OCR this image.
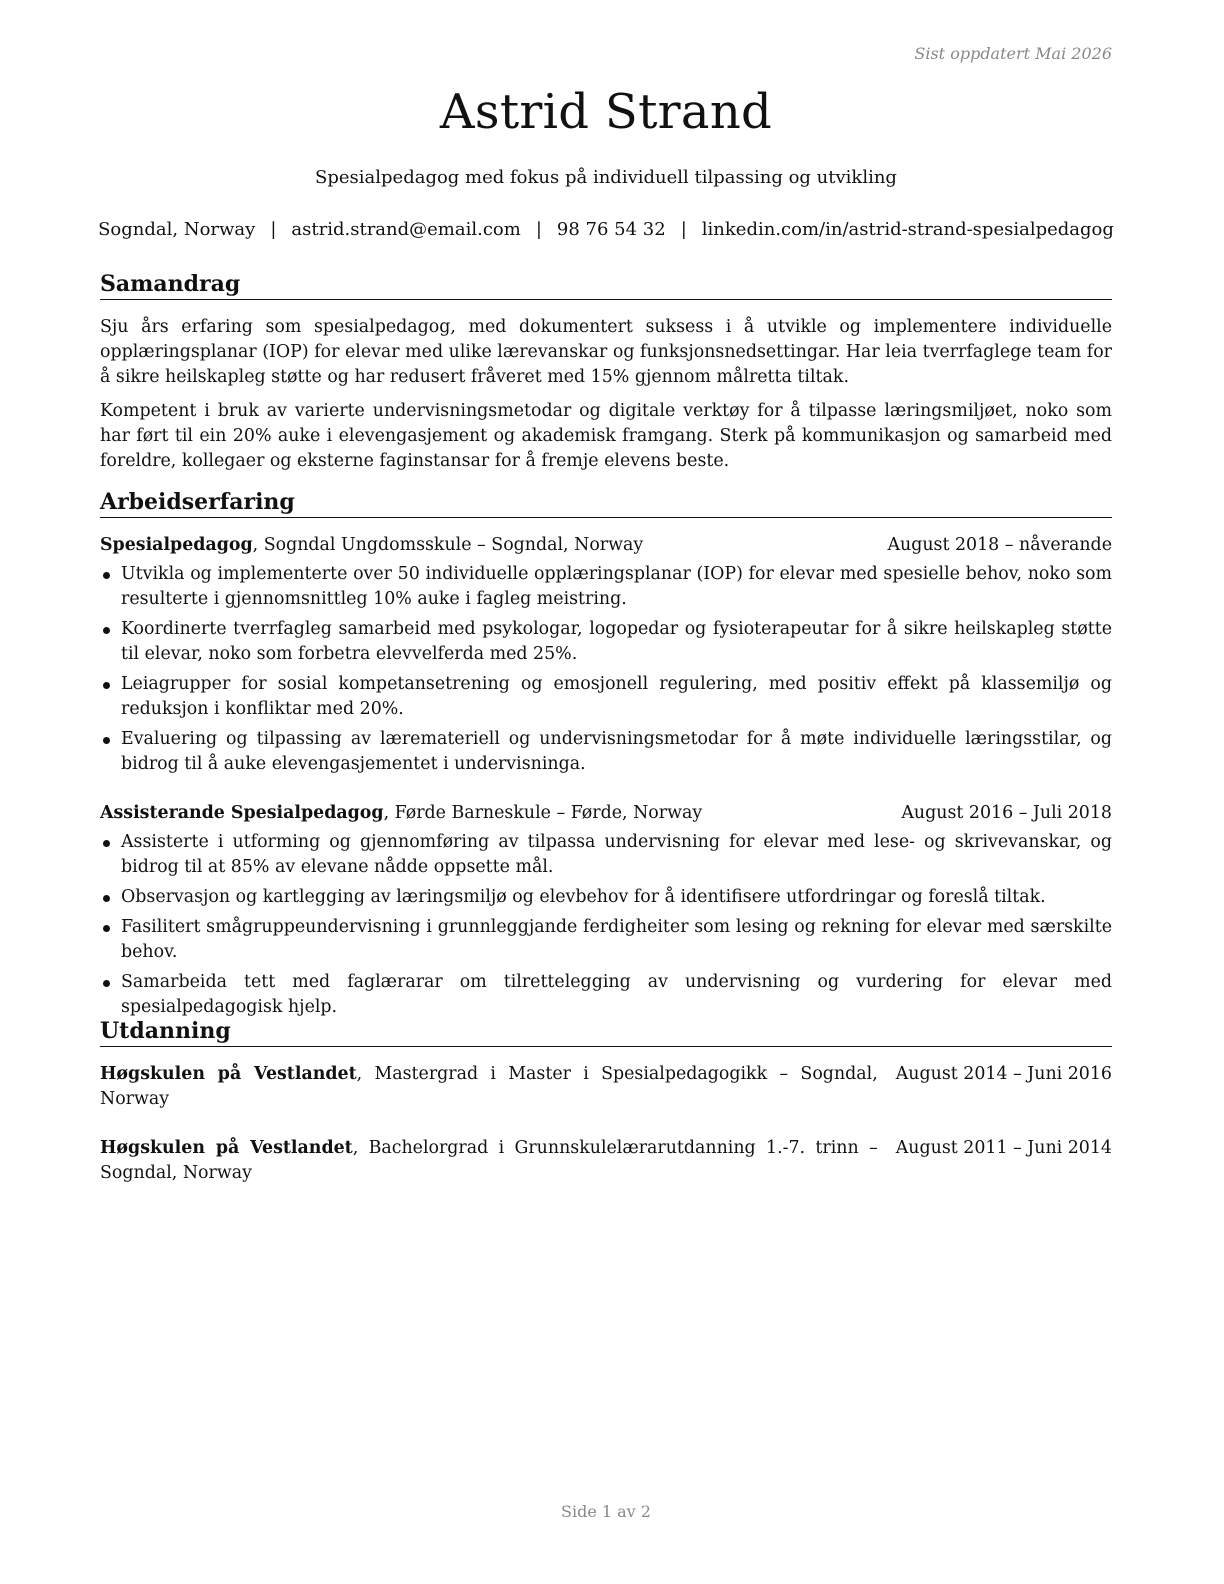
Sist oppdatert Mai 2026
Astrid Strand

Spesialpedagog med fokus på individuell tilpassing og utvikling

Sogndal, Norway | astrid.strand@email.com | 98 76 54 32 | linkedin.com/in/astrid-strand-spesialpedagog
Samandrag

Sju års erfaring som spesialpedagog, med dokumentert suksess i å utvikle og implementere individuelle opplæringsplanar (IOP) for elevar med ulike lærevanskar og funksjonsnedsettingar. Har leia tverrfaglege team for å sikre heilskapleg støtte og har redusert fråveret med 15% gjennom målretta tiltak.

Kompetent i bruk av varierte undervisningsmetodar og digitale verktøy for å tilpasse læringsmiljøet, noko som har ført til ein 20% auke i elevengasjement og akademisk framgang. Sterk på kommunikasjon og samarbeid med foreldre, kollegaer og eksterne faginstansar for å fremje elevens beste.

Arbeidserfaring
Spesialpedagog, Sogndal Ungdomsskule – Sogndal, Norway	August 2018 – nåverande
Utvikla og implementerte over 50 individuelle opplæringsplanar (IOP) for elevar med spesielle behov, noko som resulterte i gjennomsnittleg 10% auke i fagleg meistring.
Koordinerte tverrfagleg samarbeid med psykologar, logopedar og fysioterapeutar for å sikre heilskapleg støtte til elevar, noko som forbetra elevvelferda med 25%.
Leiagrupper for sosial kompetansetrening og emosjonell regulering, med positiv effekt på klassemiljø og reduksjon i konfliktar med 20%.
Evaluering og tilpassing av læremateriell og undervisningsmetodar for å møte individuelle læringsstilar, og bidrog til å auke elevengasjementet i undervisninga.
Assisterande Spesialpedagog, Førde Barneskule – Førde, Norway	August 2016 – Juli 2018
Assisterte i utforming og gjennomføring av tilpassa undervisning for elevar med lese- og skrivevanskar, og bidrog til at 85% av elevane nådde oppsette mål.
Observasjon og kartlegging av læringsmiljø og elevbehov for å identifisere utfordringar og foreslå tiltak.
Fasilitert smågruppeundervisning i grunnleggjande ferdigheiter som lesing og rekning for elevar med særskilte behov.
Samarbeida tett med faglærarar om tilrettelegging av undervisning og vurdering for elevar med spesialpedagogisk hjelp.
Utdanning
Høgskulen på Vestlandet, Mastergrad i Master i Spesialpedagogikk – Sogndal, Norway
August 2014 – Juni 2016
Høgskulen på Vestlandet, Bachelorgrad i Grunnskulelærarutdanning 1.-7. trinn – Sogndal, Norway
August 2011 – Juni 2014
Side 1 av 2
